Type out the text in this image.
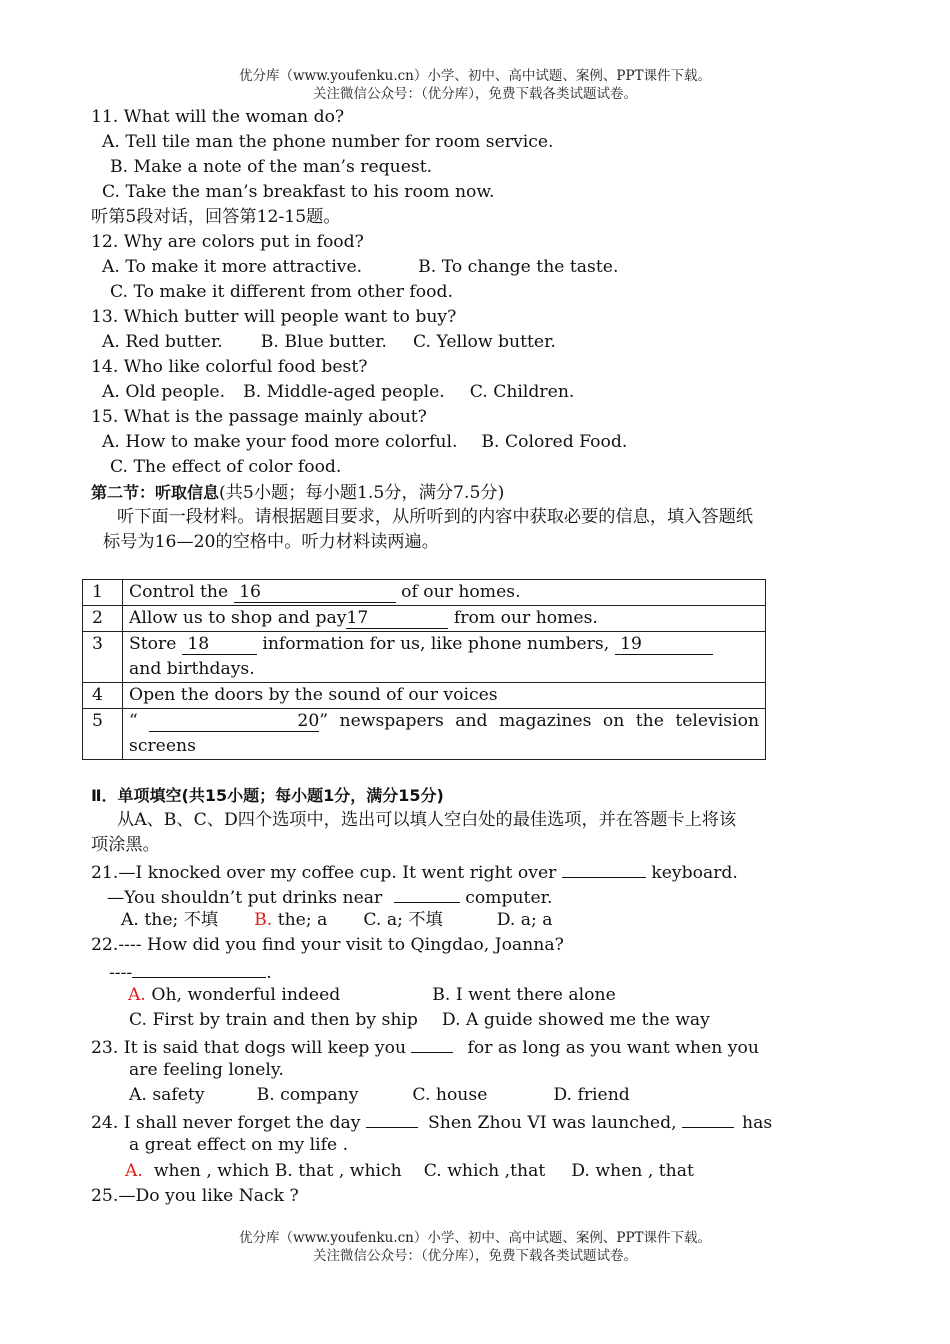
优分库（www.youfenku.cn）小学、初中、高中试题、案例、PPT课件下载。
关注微信公众号：（优分库），免费下载各类试题试卷。
11. What will the woman do?
A. Tell tile man the phone number for room service.
B. Make a note of the man’s request.
C. Take the man’s breakfast to his room now.
听第5段对话，回答第12-15题。
12. Why are colors put in food?
A. To make it more attractive.	B. To change the taste.
C. To make it different from other food.
13. Which butter will people want to buy?
A. Red butter. B. Blue butter. C. Yellow butter.
14. Who like colorful food best?
A. Old people. B. Middle-aged people. C. Children.
15. What is the passage mainly about?
A. How to make your food more colorful. B. Colored Food.
C. The effect of color food.
第二节：听取信息(共5小题；每小题1.5分，满分7.5分)
听下面一段材料。请根据题目要求，从所听到的内容中获取必要的信息，填入答题纸
标号为16—20的空格中。听力材料读两遍。
1	Control the 16 of our homes.
2	Allow us to shop and pay17 from our homes.
3	Store 18 information for us, like phone numbers, 19
and birthdays.

4	Open the doors by the sound of our voices
5	“ 20” newspapers and magazines on the television
screens
Ⅱ．单项填空(共15小题；每小题1分，满分15分)
从A、B、C、D四个选项中，选出可以填人空白处的最佳选项，并在答题卡上将该
项涂黑。
21.—I knocked over my coffee cup. It went right over	keyboard.
—You shouldn’t put drinks near	computer.
A. the; 不填 B. the; a C. a; 不填	D. a; a
22.---- How did you find your visit to Qingdao, Joanna?
----	.
A. Oh, wonderful indeed	B. I went there alone
C. First by train and then by ship D. A guide showed me the way
23. It is said that dogs will keep you	for as long as you want when you
are feeling lonely.
A. safety	B. company	C. house	D. friend
24. I shall never forget the day	Shen Zhou VI was launched,	has
a great effect on my life .
A. when , which B. that , which C. which ,that D. when , that
25.—Do you like Nack ?
优分库（www.youfenku.cn）小学、初中、高中试题、案例、PPT课件下载。
关注微信公众号：（优分库），免费下载各类试题试卷。
